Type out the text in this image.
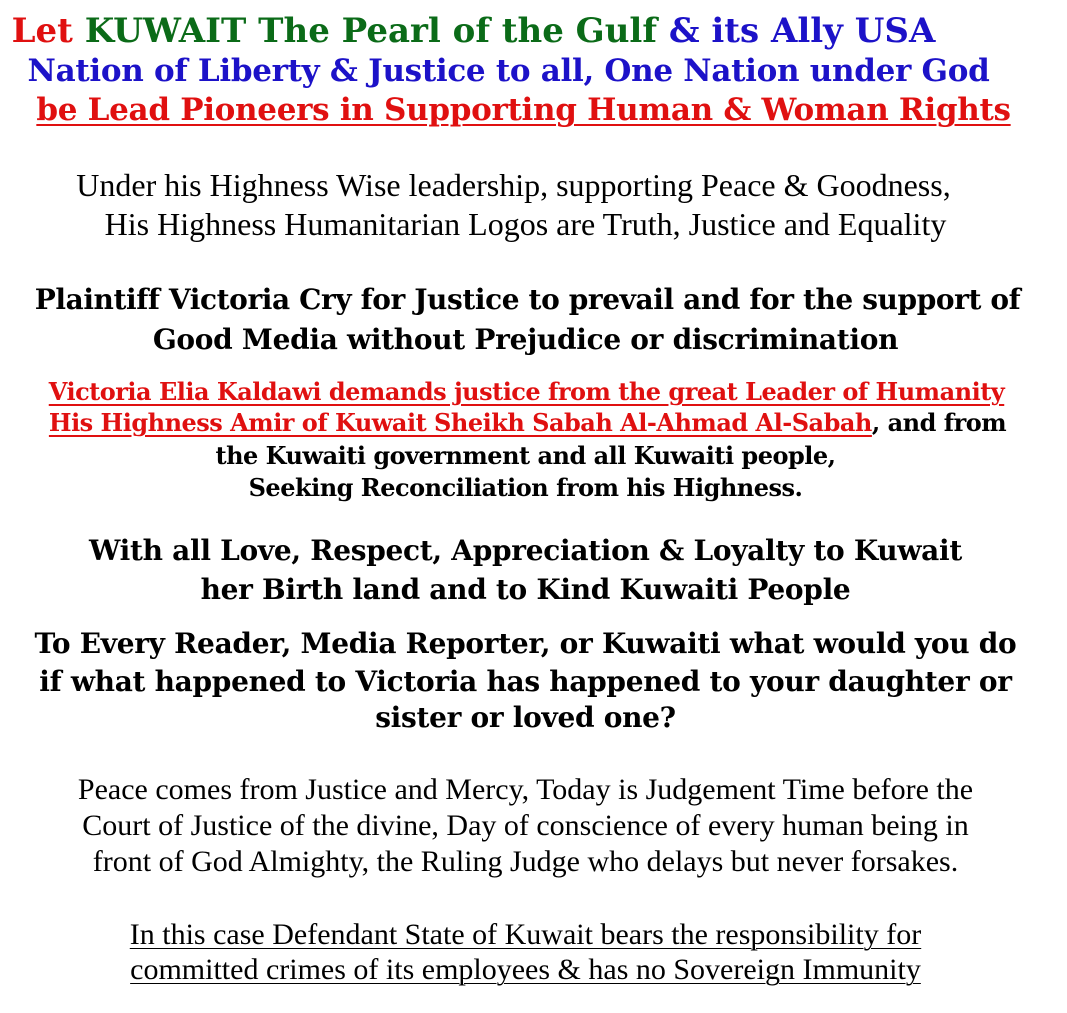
Let KUWAIT The Pearl of the Gulf & its Ally USA
Nation of Liberty & Justice to all, One Nation under God
be Lead Pioneers in Supporting Human & Woman Rights
Under his Highness Wise leadership, supporting Peace & Goodness,
His Highness Humanitarian Logos are Truth, Justice and Equality
Plaintiff Victoria Cry for Justice to prevail and for the support of
Good Media without Prejudice or discrimination
Victoria Elia Kaldawi demands justice from the great Leader of Humanity
His Highness Amir of Kuwait Sheikh Sabah Al-Ahmad Al-Sabah, and from
the Kuwaiti government and all Kuwaiti people,
Seeking Reconciliation from his Highness.
With all Love, Respect, Appreciation & Loyalty to Kuwait
her Birth land and to Kind Kuwaiti People
To Every Reader, Media Reporter, or Kuwaiti what would you do
if what happened to Victoria has happened to your daughter or
sister or loved one?
Peace comes from Justice and Mercy, Today is Judgement Time before the
Court of Justice of the divine, Day of conscience of every human being in
front of God Almighty, the Ruling Judge who delays but never forsakes.
In this case Defendant State of Kuwait bears the responsibility for
committed crimes of its employees & has no Sovereign Immunity
